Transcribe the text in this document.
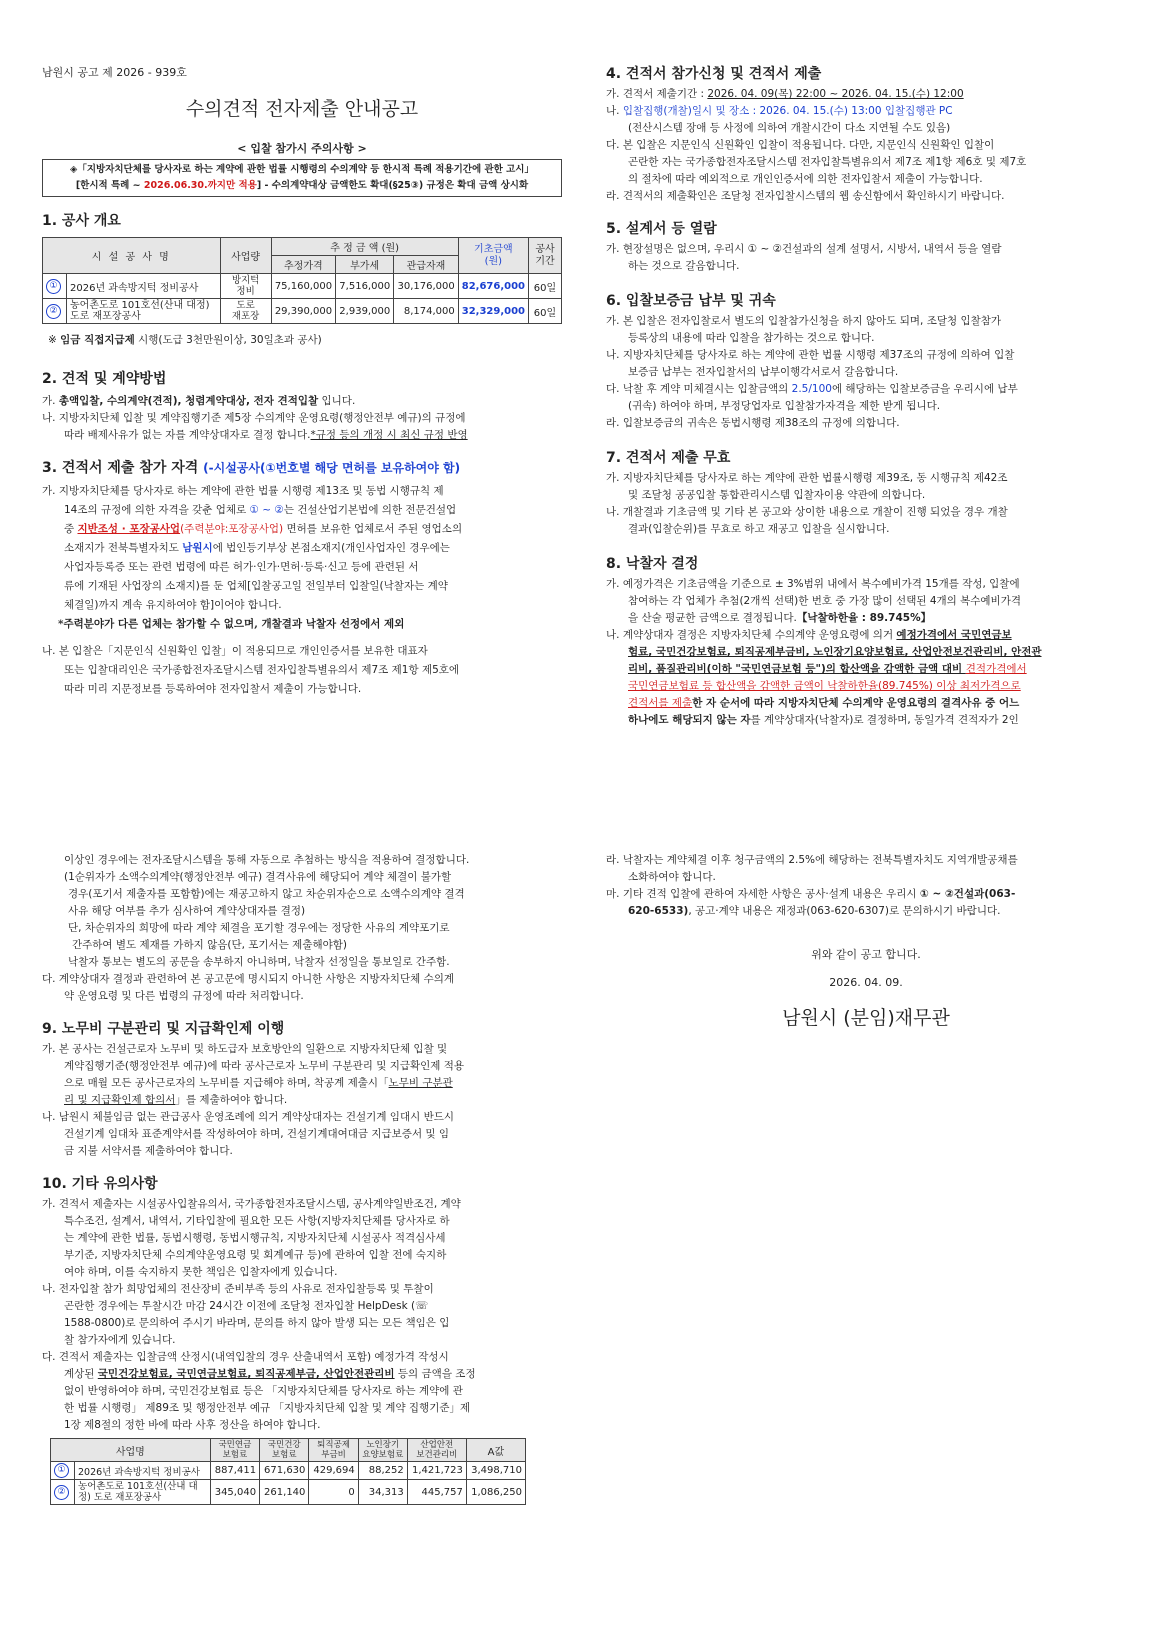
남원시 공고 제 2026 - 939호

수의견적 전자제출 안내공고

< 입찰 참가시 주의사항 >

◈「지방자치단체를 당사자로 하는 계약에 관한 법률 시행령의 수의계약 등 한시적 특례 적용기간에 관한 고시」
[한시적 특례 ~ 2026.06.30.까지만 적용] - 수의계약대상 금액한도 확대(§25③) 규정은 확대 금액 상시화

1. 공사 개요

시 설 공 사 명		사업량	추 정 금 액 (원)			기초금액
(원)	공사
기간
			추정가격	부가세	관급자재		
①	2026년 과속방지턱 정비공사	방지턱
정비	75,160,000	7,516,000	30,176,000	82,676,000	60일
②	농어촌도로 101호선(산내 대정)
도로 재포장공사	도로
재포장	29,390,000	2,939,000	8,174,000	32,329,000	60일

※ 임금 직접지급제 시행(도급 3천만원이상, 30일초과 공사)

2. 견적 및 계약방법

가. 총액입찰, 수의계약(견적), 청렴계약대상, 전자 견적입찰 입니다.

나. 지방자치단체 입찰 및 계약집행기준 제5장 수의계약 운영요령(행정안전부 예규)의 규정에

따라 배제사유가 없는 자를 계약상대자로 결정 합니다.*규정 등의 개정 시 최신 규정 반영

3. 견적서 제출 참가 자격 (-시설공사(①번호별 해당 면허를 보유하여야 함)

가. 지방자치단체를 당사자로 하는 계약에 관한 법률 시행령 제13조 및 동법 시행규칙 제

14조의 규정에 의한 자격을 갖춘 업체로 ① ~ ②는 건설산업기본법에 의한 전문건설업

중 지반조성 · 포장공사업(주력분야:포장공사업) 면허를 보유한 업체로서 주된 영업소의

소재지가 전북특별자치도 남원시에 법인등기부상 본점소재지(개인사업자인 경우에는

사업자등록증 또는 관련 법령에 따른 허가·인가·면허·등록·신고 등에 관련된 서

류에 기재된 사업장의 소재지)를 둔 업체[입찰공고일 전일부터 입찰일(낙찰자는 계약

체결일)까지 계속 유지하여야 함]이어야 합니다.

*주력분야가 다른 업체는 참가할 수 없으며, 개찰결과 낙찰자 선정에서 제외

나. 본 입찰은「지문인식 신원확인 입찰」이 적용되므로 개인인증서를 보유한 대표자

또는 입찰대리인은 국가종합전자조달시스템 전자입찰특별유의서 제7조 제1항 제5호에

따라 미리 지문정보를 등록하여야 전자입찰서 제출이 가능합니다.

4. 견적서 참가신청 및 견적서 제출

가. 견적서 제출기간 : 2026. 04. 09(목) 22:00 ~ 2026. 04. 15.(수) 12:00

나. 입찰집행(개찰)일시 및 장소 : 2026. 04. 15.(수) 13:00 입찰집행관 PC

(전산시스템 장애 등 사정에 의하여 개찰시간이 다소 지연될 수도 있음)

다. 본 입찰은 지문인식 신원확인 입찰이 적용됩니다. 다만, 지문인식 신원확인 입찰이

곤란한 자는 국가종합전자조달시스템 전자입찰특별유의서 제7조 제1항 제6호 및 제7호

의 절차에 따라 예외적으로 개인인증서에 의한 전자입찰서 제출이 가능합니다.

라. 견적서의 제출확인은 조달청 전자입찰시스템의 웹 송신함에서 확인하시기 바랍니다.

5. 설계서 등 열람

가. 현장설명은 없으며, 우리시 ① ~ ②건설과의 설계 설명서, 시방서, 내역서 등을 열람

하는 것으로 갈음합니다.

6. 입찰보증금 납부 및 귀속

가. 본 입찰은 전자입찰로서 별도의 입찰참가신청을 하지 않아도 되며, 조달청 입찰참가

등록상의 내용에 따라 입찰을 참가하는 것으로 합니다.

나. 지방자치단체를 당사자로 하는 계약에 관한 법률 시행령 제37조의 규정에 의하여 입찰

보증금 납부는 전자입찰서의 납부이행각서로서 갈음합니다.

다. 낙찰 후 계약 미체결시는 입찰금액의 2.5/100에 해당하는 입찰보증금을 우리시에 납부

(귀속) 하여야 하며, 부정당업자로 입찰참가자격을 제한 받게 됩니다.

라. 입찰보증금의 귀속은 동법시행령 제38조의 규정에 의합니다.

7. 견적서 제출 무효

가. 지방자치단체를 당사자로 하는 계약에 관한 법률시행령 제39조, 동 시행규칙 제42조

및 조달청 공공입찰 통합관리시스템 입찰자이용 약관에 의합니다.

나. 개찰결과 기초금액 및 기타 본 공고와 상이한 내용으로 개찰이 진행 되었을 경우 개찰

결과(입찰순위)를 무효로 하고 재공고 입찰을 실시합니다.

8. 낙찰자 결정

가. 예정가격은 기초금액을 기준으로 ± 3%범위 내에서 복수예비가격 15개를 작성, 입찰에

참여하는 각 업체가 추첨(2개씩 선택)한 번호 중 가장 많이 선택된 4개의 복수예비가격

을 산술 평균한 금액으로 결정됩니다.【낙찰하한율 : 89.745%】

나. 계약상대자 결정은 지방자치단체 수의계약 운영요령에 의거 예정가격에서 국민연금보

험료, 국민건강보험료, 퇴직공제부금비, 노인장기요양보험료, 산업안전보건관리비, 안전관

리비, 품질관리비(이하 "국민연금보험 등")의 합산액을 감액한 금액 대비 견적가격에서

국민연금보험료 등 합산액을 감액한 금액이 낙찰하한율(89.745%) 이상 최저가격으로

견적서를 제출한 자 순서에 따라 지방자치단체 수의계약 운영요령의 결격사유 중 어느

하나에도 해당되지 않는 자를 계약상대자(낙찰자)로 결정하며, 동일가격 견적자가 2인

이상인 경우에는 전자조달시스템을 통해 자동으로 추첨하는 방식을 적용하여 결정합니다.

(1순위자가 소액수의계약(행정안전부 예규) 결격사유에 해당되어 계약 체결이 불가할

경우(포기서 제출자를 포함함)에는 재공고하지 않고 차순위자순으로 소액수의계약 결격

사유 해당 여부를 추가 심사하여 계약상대자를 결정)

단, 차순위자의 희망에 따라 계약 체결을 포기할 경우에는 정당한 사유의 계약포기로

간주하여 별도 제재를 가하지 않음(단, 포기서는 제출해야함)

낙찰자 통보는 별도의 공문을 송부하지 아니하며, 낙찰자 선정일을 통보일로 간주함.

다. 계약상대자 결정과 관련하여 본 공고문에 명시되지 아니한 사항은 지방자치단체 수의계

약 운영요령 및 다른 법령의 규정에 따라 처리합니다.

9. 노무비 구분관리 및 지급확인제 이행

가. 본 공사는 건설근로자 노무비 및 하도급자 보호방안의 일환으로 지방자치단체 입찰 및

계약집행기준(행정안전부 예규)에 따라 공사근로자 노무비 구분관리 및 지급확인제 적용

으로 매월 모든 공사근로자의 노무비를 지급해야 하며, 착공계 제출시「노무비 구분관

리 및 지급확인제 합의서」를 제출하여야 합니다.

나. 남원시 체불임금 없는 관급공사 운영조례에 의거 계약상대자는 건설기계 임대시 반드시

건설기계 임대차 표준계약서를 작성하여야 하며, 건설기계대여대금 지급보증서 및 임

금 지불 서약서를 제출하여야 합니다.

10. 기타 유의사항

가. 견적서 제출자는 시설공사입찰유의서, 국가종합전자조달시스템, 공사계약일반조건, 계약

특수조건, 설계서, 내역서, 기타입찰에 필요한 모든 사항(지방자치단체를 당사자로 하

는 계약에 관한 법률, 동법시행령, 동법시행규칙, 지방자치단체 시설공사 적격심사세

부기준, 지방자치단체 수의계약운영요령 및 회계예규 등)에 관하여 입찰 전에 숙지하

여야 하며, 이를 숙지하지 못한 책임은 입찰자에게 있습니다.

나. 전자입찰 참가 희망업체의 전산장비 준비부족 등의 사유로 전자입찰등록 및 투찰이

곤란한 경우에는 투찰시간 마감 24시간 이전에 조달청 전자입찰 HelpDesk (☏

1588-0800)로 문의하여 주시기 바라며, 문의를 하지 않아 발생 되는 모든 책임은 입

찰 참가자에게 있습니다.

다. 견적서 제출자는 입찰금액 산정시(내역입찰의 경우 산출내역서 포함) 예정가격 작성시

계상된 국민건강보험료, 국민연금보험료, 퇴직공제부금, 산업안전관리비 등의 금액을 조정

없이 반영하여야 하며, 국민건강보험료 등은 「지방자치단체를 당사자로 하는 계약에 관

한 법률 시행령」 제89조 및 행정안전부 예규 「지방자치단체 입찰 및 계약 집행기준」제

1장 제8절의 정한 바에 따라 사후 정산을 하여야 합니다.

사업명		국민연금
보험료	국민건강
보험료	퇴직공제
부금비	노인장기
요양보험료	산업안전
보건관리비	A값
①	2026년 과속방지턱 정비공사	887,411	671,630	429,694	88,252	1,421,723	3,498,710
②	농어촌도로 101호선(산내 대
정) 도로 재포장공사	345,040	261,140	0	34,313	445,757	1,086,250

라. 낙찰자는 계약체결 이후 청구금액의 2.5%에 해당하는 전북특별자치도 지역개발공채를

소화하여야 합니다.

마. 기타 견적 입찰에 관하여 자세한 사항은 공사·설계 내용은 우리시 ① ~ ②건설과(063-

620-6533), 공고·계약 내용은 재정과(063-620-6307)로 문의하시기 바랍니다.

위와 같이 공고 합니다.

2026. 04. 09.

남원시 (분임)재무관
